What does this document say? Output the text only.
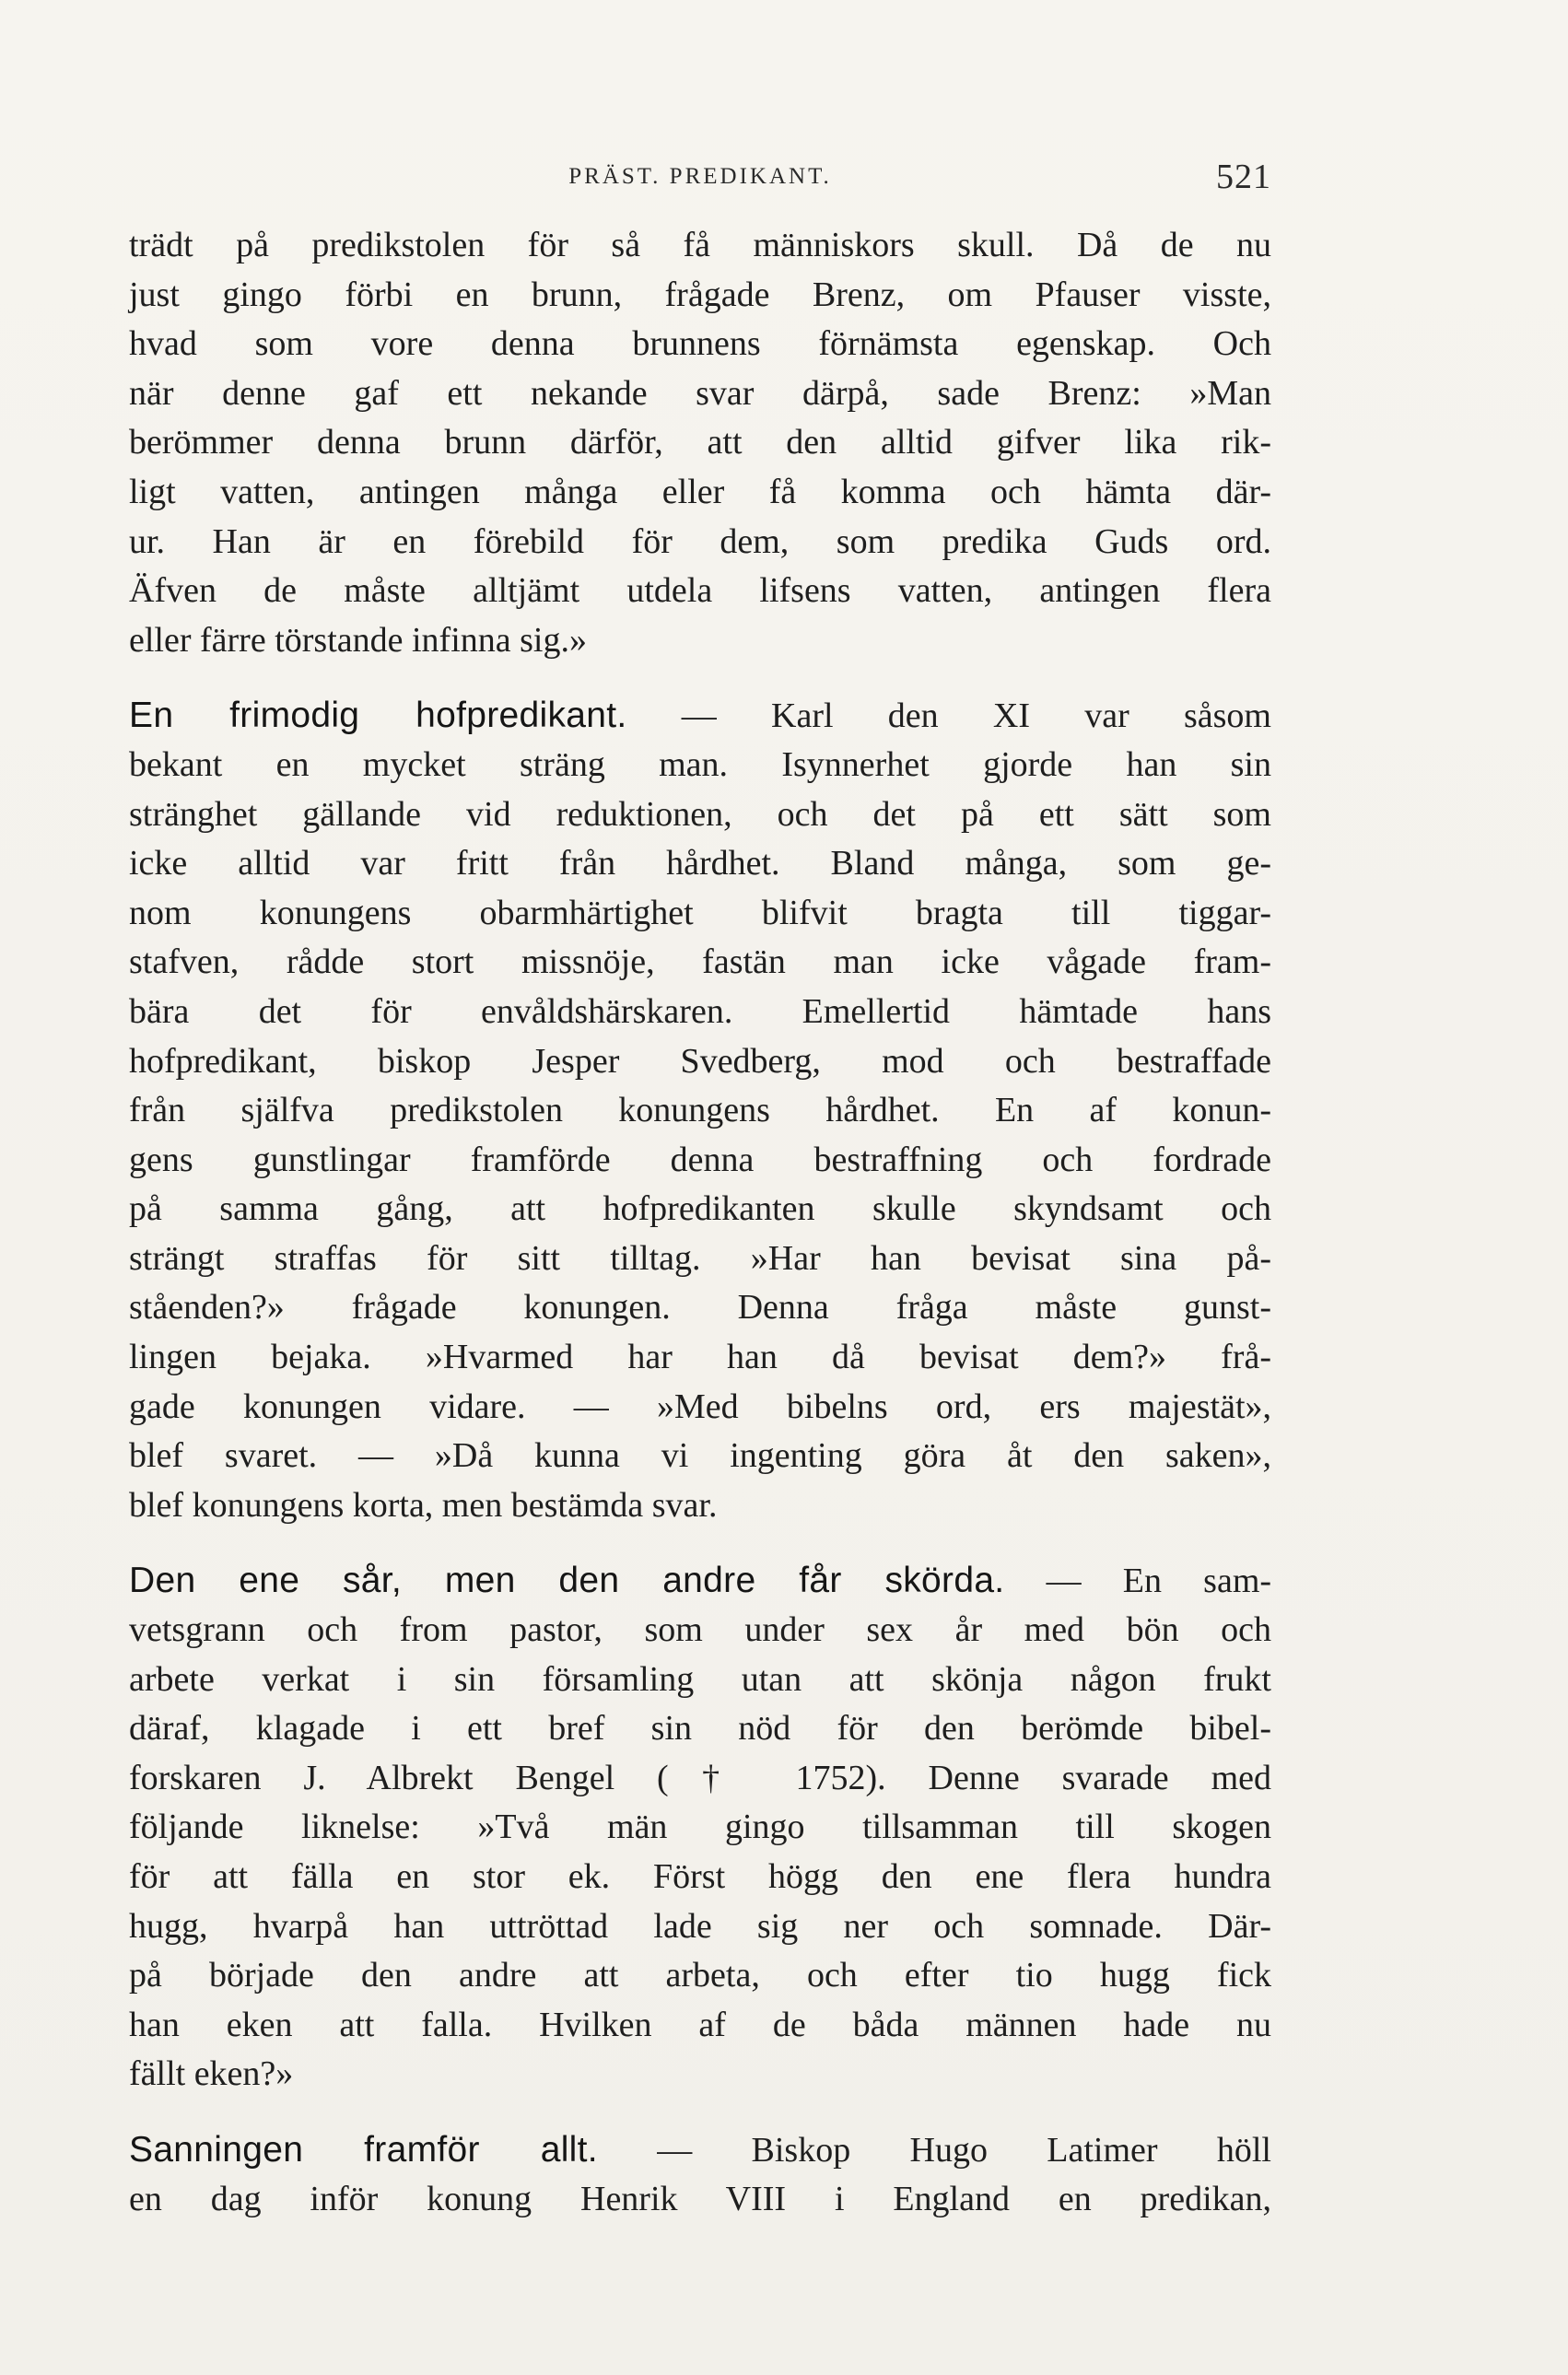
PRÄST. PREDIKANT.	521
trädt på predikstolen för så få människors skull. Då de nu
just gingo förbi en brunn, frågade Brenz, om Pfauser visste,
hvad som vore denna brunnens förnämsta egenskap. Och
när denne gaf ett nekande svar därpå, sade Brenz: »Man
berömmer denna brunn därför, att den alltid gifver lika rik-
ligt vatten, antingen många eller få komma och hämta där-
ur. Han är en förebild för dem, som predika Guds ord.
Äfven de måste alltjämt utdela lifsens vatten, antingen flera
eller färre törstande infinna sig.»
En frimodig hofpredikant. — Karl den XI var såsom
bekant en mycket sträng man. Isynnerhet gjorde han sin
stränghet gällande vid reduktionen, och det på ett sätt som
icke alltid var fritt från hårdhet. Bland många, som ge-
nom konungens obarmhärtighet blifvit bragta till tiggar-
stafven, rådde stort missnöje, fastän man icke vågade fram-
bära det för envåldshärskaren. Emellertid hämtade hans
hofpredikant, biskop Jesper Svedberg, mod och bestraffade
från själfva predikstolen konungens hårdhet. En af konun-
gens gunstlingar framförde denna bestraffning och fordrade
på samma gång, att hofpredikanten skulle skyndsamt och
strängt straffas för sitt tilltag. »Har han bevisat sina på-
ståenden?» frågade konungen. Denna fråga måste gunst-
lingen bejaka. »Hvarmed har han då bevisat dem?» frå-
gade konungen vidare. — »Med bibelns ord, ers majestät»,
blef svaret. — »Då kunna vi ingenting göra åt den saken»,
blef konungens korta, men bestämda svar.
Den ene sår, men den andre får skörda. — En sam-
vetsgrann och from pastor, som under sex år med bön och
arbete verkat i sin församling utan att skönja någon frukt
däraf, klagade i ett bref sin nöd för den berömde bibel-
forskaren J. Albrekt Bengel († 1752). Denne svarade med
följande liknelse: »Två män gingo tillsamman till skogen
för att fälla en stor ek. Först högg den ene flera hundra
hugg, hvarpå han uttröttad lade sig ner och somnade. Där-
på började den andre att arbeta, och efter tio hugg fick
han eken att falla. Hvilken af de båda männen hade nu
fällt eken?»
Sanningen framför allt. — Biskop Hugo Latimer höll
en dag inför konung Henrik VIII i England en predikan,
